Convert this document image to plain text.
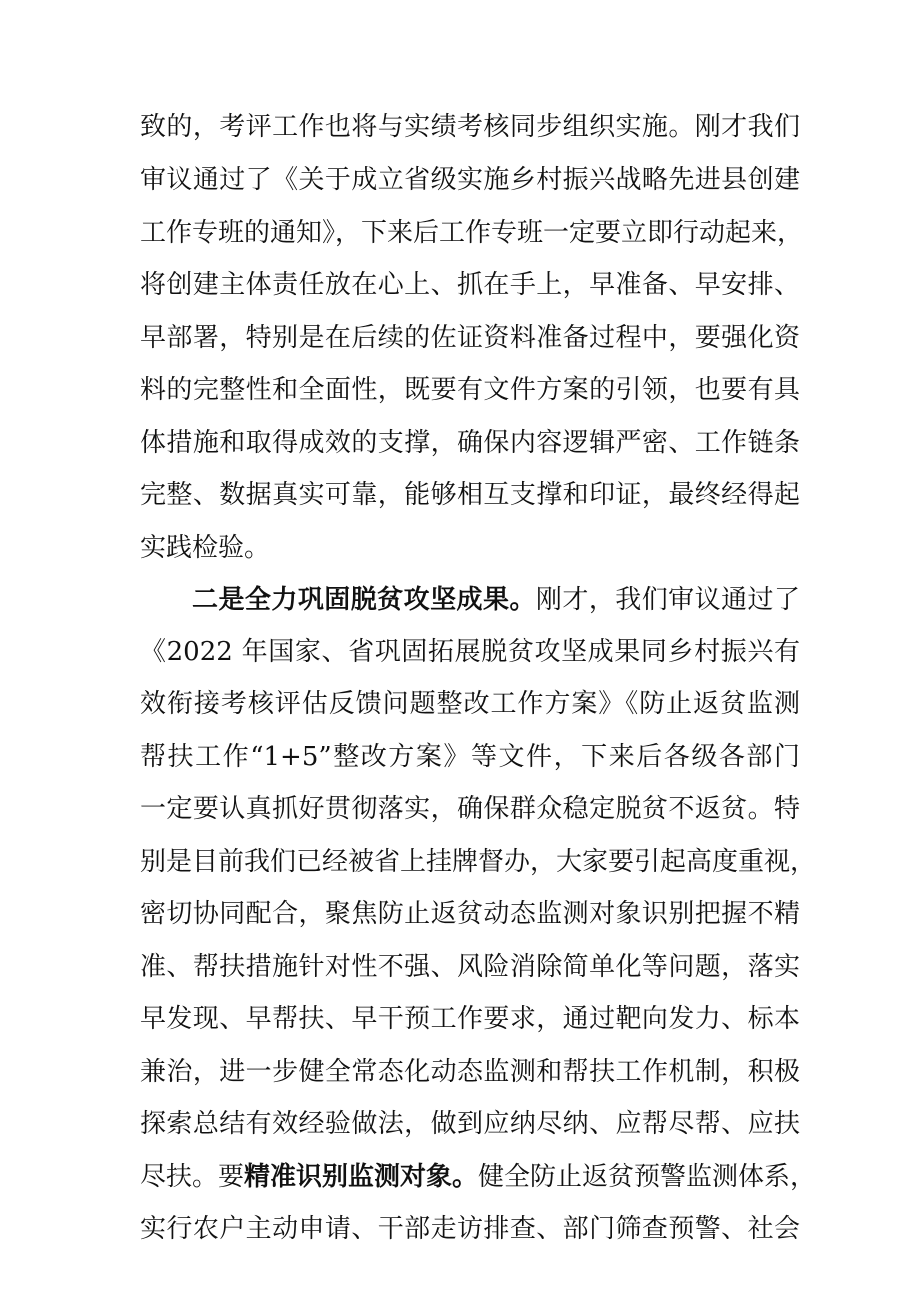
致的，考评工作也将与实绩考核同步组织实施。刚才我们
审议通过了《关于成立省级实施乡村振兴战略先进县创建
工作专班的通知》，下来后工作专班一定要立即行动起来，
将创建主体责任放在心上、抓在手上，早准备、早安排、
早部署，特别是在后续的佐证资料准备过程中，要强化资
料的完整性和全面性，既要有文件方案的引领，也要有具
体措施和取得成效的支撑，确保内容逻辑严密、工作链条
完整、数据真实可靠，能够相互支撑和印证，最终经得起
实践检验。
二是全力巩固脱贫攻坚成果。刚才，我们审议通过了
《2022 年国家、省巩固拓展脱贫攻坚成果同乡村振兴有
效衔接考核评估反馈问题整改工作方案》《防止返贫监测
帮扶工作“1+5”整改方案》等文件，下来后各级各部门
一定要认真抓好贯彻落实，确保群众稳定脱贫不返贫。特
别是目前我们已经被省上挂牌督办，大家要引起高度重视，
密切协同配合，聚焦防止返贫动态监测对象识别把握不精
准、帮扶措施针对性不强、风险消除简单化等问题，落实
早发现、早帮扶、早干预工作要求，通过靶向发力、标本
兼治，进一步健全常态化动态监测和帮扶工作机制，积极
探索总结有效经验做法，做到应纳尽纳、应帮尽帮、应扶
尽扶。要精准识别监测对象。健全防止返贫预警监测体系，
实行农户主动申请、干部走访排查、部门筛查预警、社会
